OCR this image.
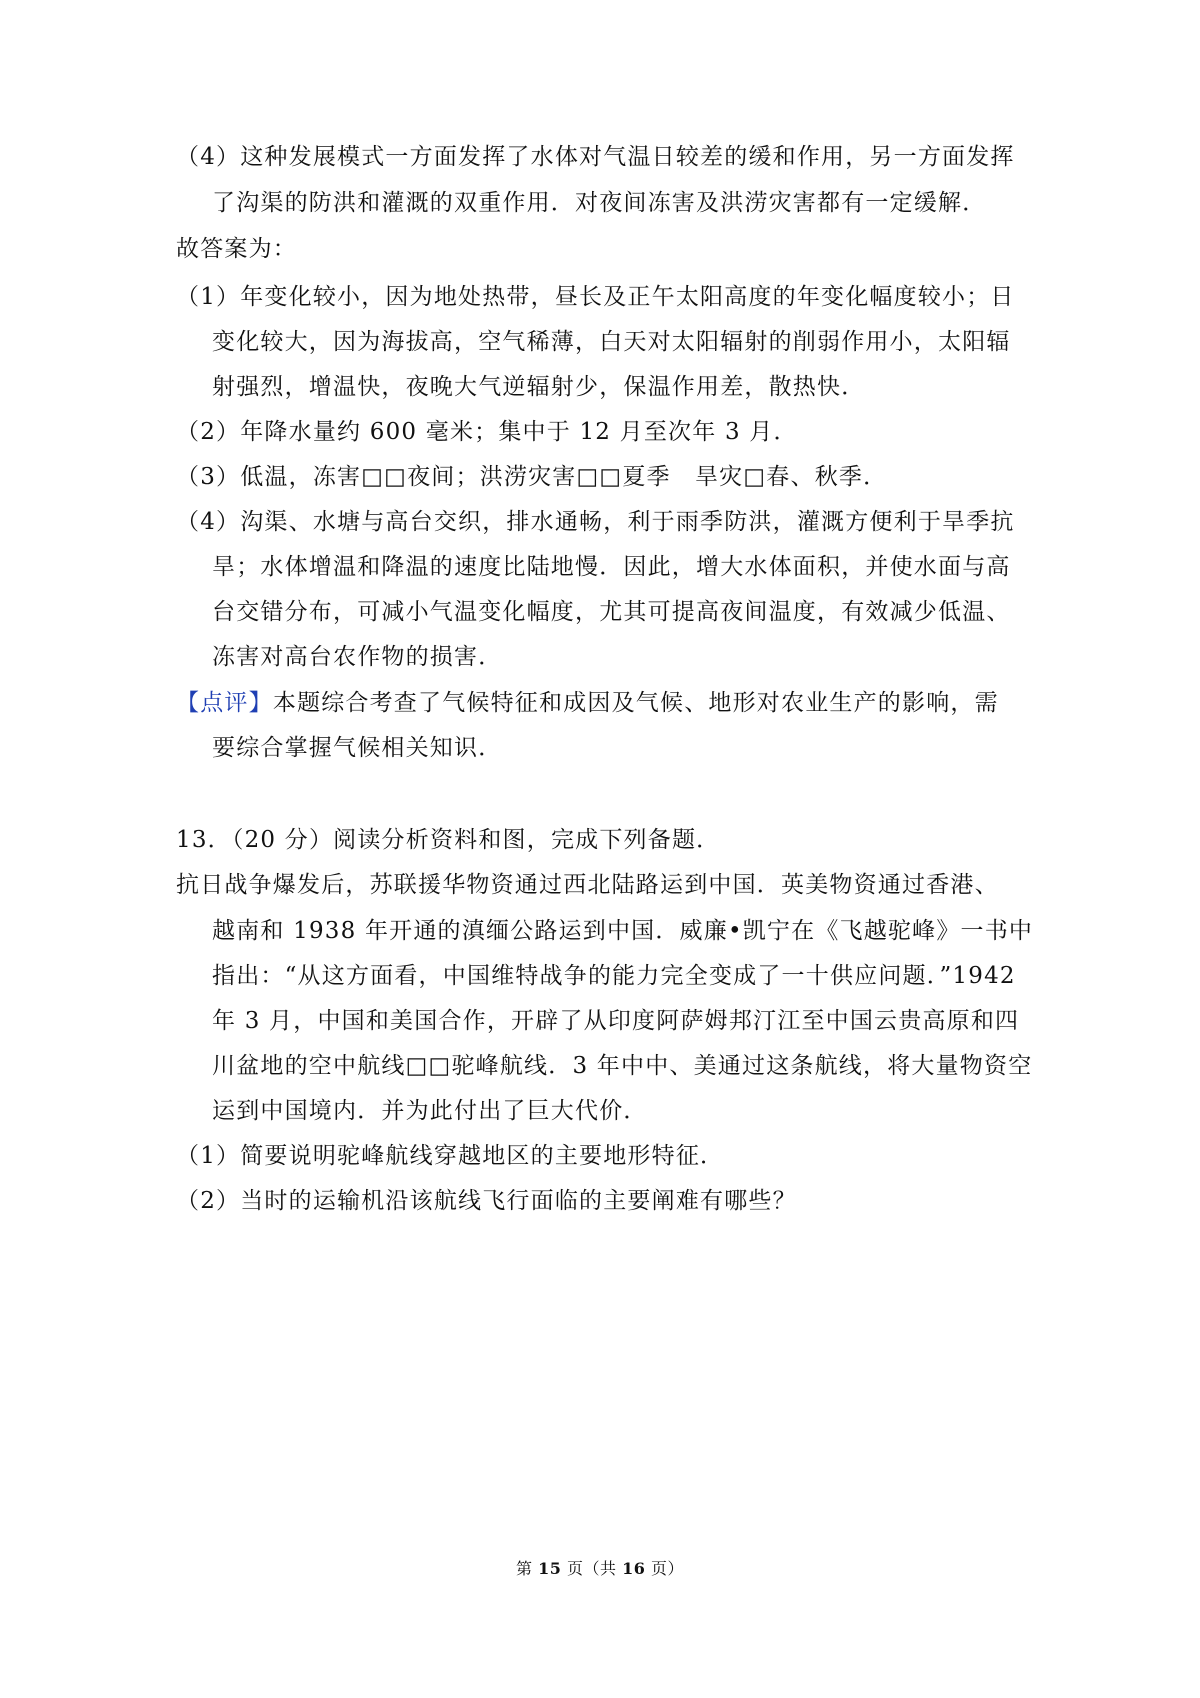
（4）这种发展模式一方面发挥了水体对气温日较差的缓和作用，另一方面发挥
了沟渠的防洪和灌溉的双重作用．对夜间冻害及洪涝灾害都有一定缓解．
故答案为：
（1）年变化较小，因为地处热带，昼长及正午太阳高度的年变化幅度较小；日
变化较大，因为海拔高，空气稀薄，白天对太阳辐射的削弱作用小，太阳辐
射强烈，增温快，夜晚大气逆辐射少，保温作用差，散热快．
（2）年降水量约 600 毫米；集中于 12 月至次年 3 月．
（3）低温，冻害□□夜间；洪涝灾害□□夏季　旱灾□春、秋季．
（4）沟渠、水塘与高台交织，排水通畅，利于雨季防洪，灌溉方便利于旱季抗
旱；水体增温和降温的速度比陆地慢．因此，增大水体面积，并使水面与高
台交错分布，可减小气温变化幅度，尤其可提高夜间温度，有效减少低温、
冻害对高台农作物的损害．
【点评】本题综合考查了气候特征和成因及气候、地形对农业生产的影响，需
要综合掌握气候相关知识．
13．（20 分）阅读分析资料和图，完成下列备题．
抗日战争爆发后，苏联援华物资通过西北陆路运到中国．英美物资通过香港、
越南和 1938 年开通的滇缅公路运到中国．威廉•凯宁在《飞越驼峰》一书中
指出：“从这方面看，中国维特战争的能力完全变成了一十供应问题．”1942
年 3 月，中国和美国合作，开辟了从印度阿萨姆邦汀江至中国云贵高原和四
川盆地的空中航线□□驼峰航线．3 年中中、美通过这条航线，将大量物资空
运到中国境内．并为此付出了巨大代价．
（1）简要说明驼峰航线穿越地区的主要地形特征．
（2）当时的运输机沿该航线飞行面临的主要阐难有哪些？
第 15 页（共 16 页）
